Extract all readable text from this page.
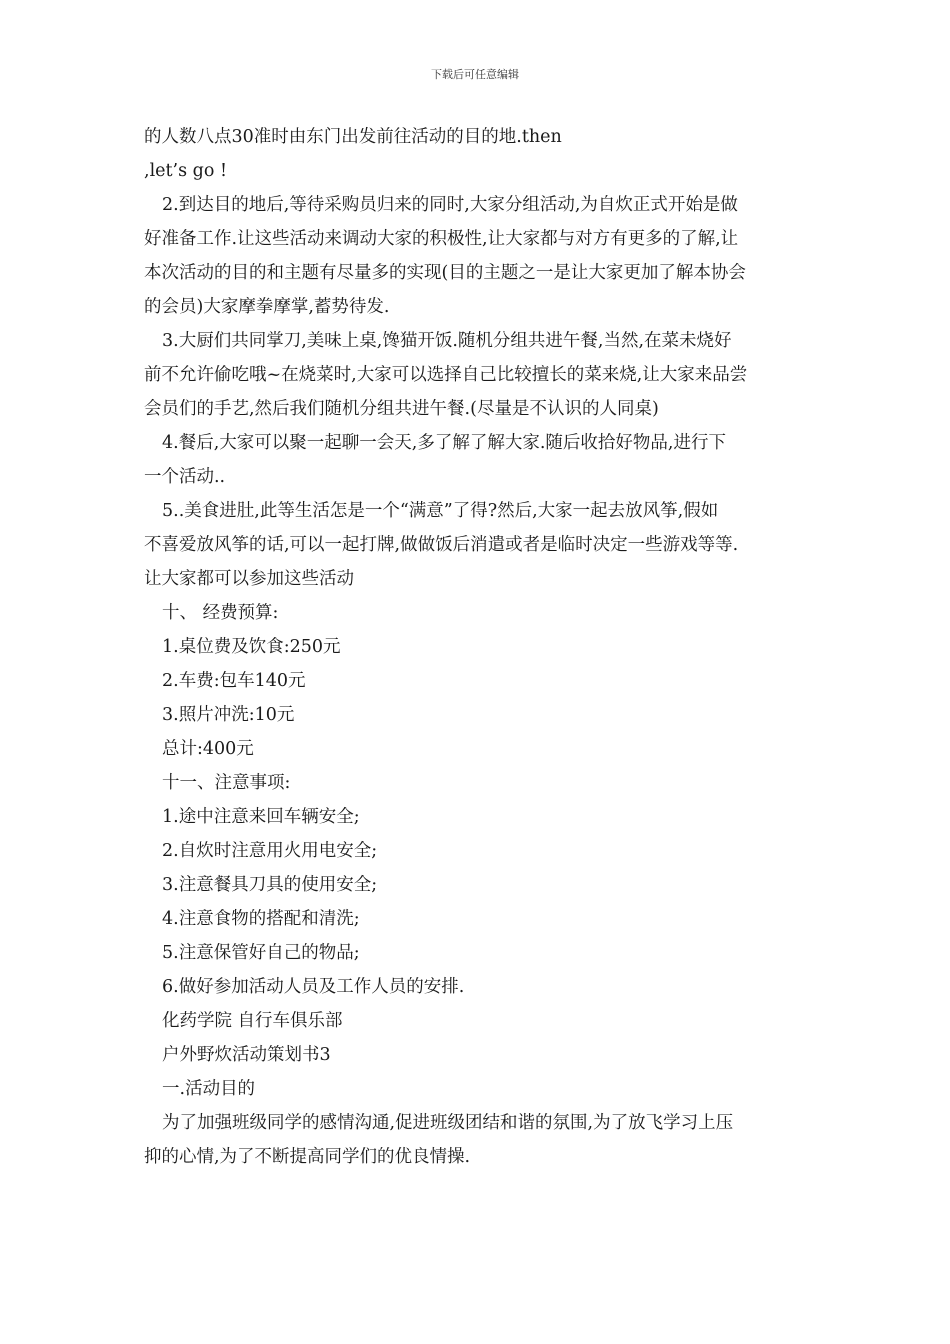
下载后可任意编辑
的人数八点30准时由东门出发前往活动的目的地.then
,let’s go !
2.到达目的地后,等待采购员归来的同时,大家分组活动,为自炊正式开始是做
好准备工作.让这些活动来调动大家的积极性,让大家都与对方有更多的了解,让
本次活动的目的和主题有尽量多的实现(目的主题之一是让大家更加了解本协会
的会员)大家摩拳摩掌,蓄势待发.
3.大厨们共同掌刀,美味上桌,馋猫开饭.随机分组共进午餐,当然,在菜未烧好
前不允许偷吃哦~在烧菜时,大家可以选择自己比较擅长的菜来烧,让大家来品尝
会员们的手艺,然后我们随机分组共进午餐.(尽量是不认识的人同桌)
4.餐后,大家可以聚一起聊一会天,多了解了解大家.随后收拾好物品,进行下
一个活动..
5..美食进肚,此等生活怎是一个“满意”了得?然后,大家一起去放风筝,假如
不喜爱放风筝的话,可以一起打牌,做做饭后消遣或者是临时决定一些游戏等等.
让大家都可以参加这些活动
十、 经费预算:
1.桌位费及饮食:250元
2.车费:包车140元
3.照片冲洗:10元
总计:400元
十一、注意事项:
1.途中注意来回车辆安全;
2.自炊时注意用火用电安全;
3.注意餐具刀具的使用安全;
4.注意食物的搭配和清洗;
5.注意保管好自己的物品;
6.做好参加活动人员及工作人员的安排.
化药学院 自行车俱乐部
户外野炊活动策划书3
一.活动目的
为了加强班级同学的感情沟通,促进班级团结和谐的氛围,为了放飞学习上压
抑的心情,为了不断提高同学们的优良情操.
